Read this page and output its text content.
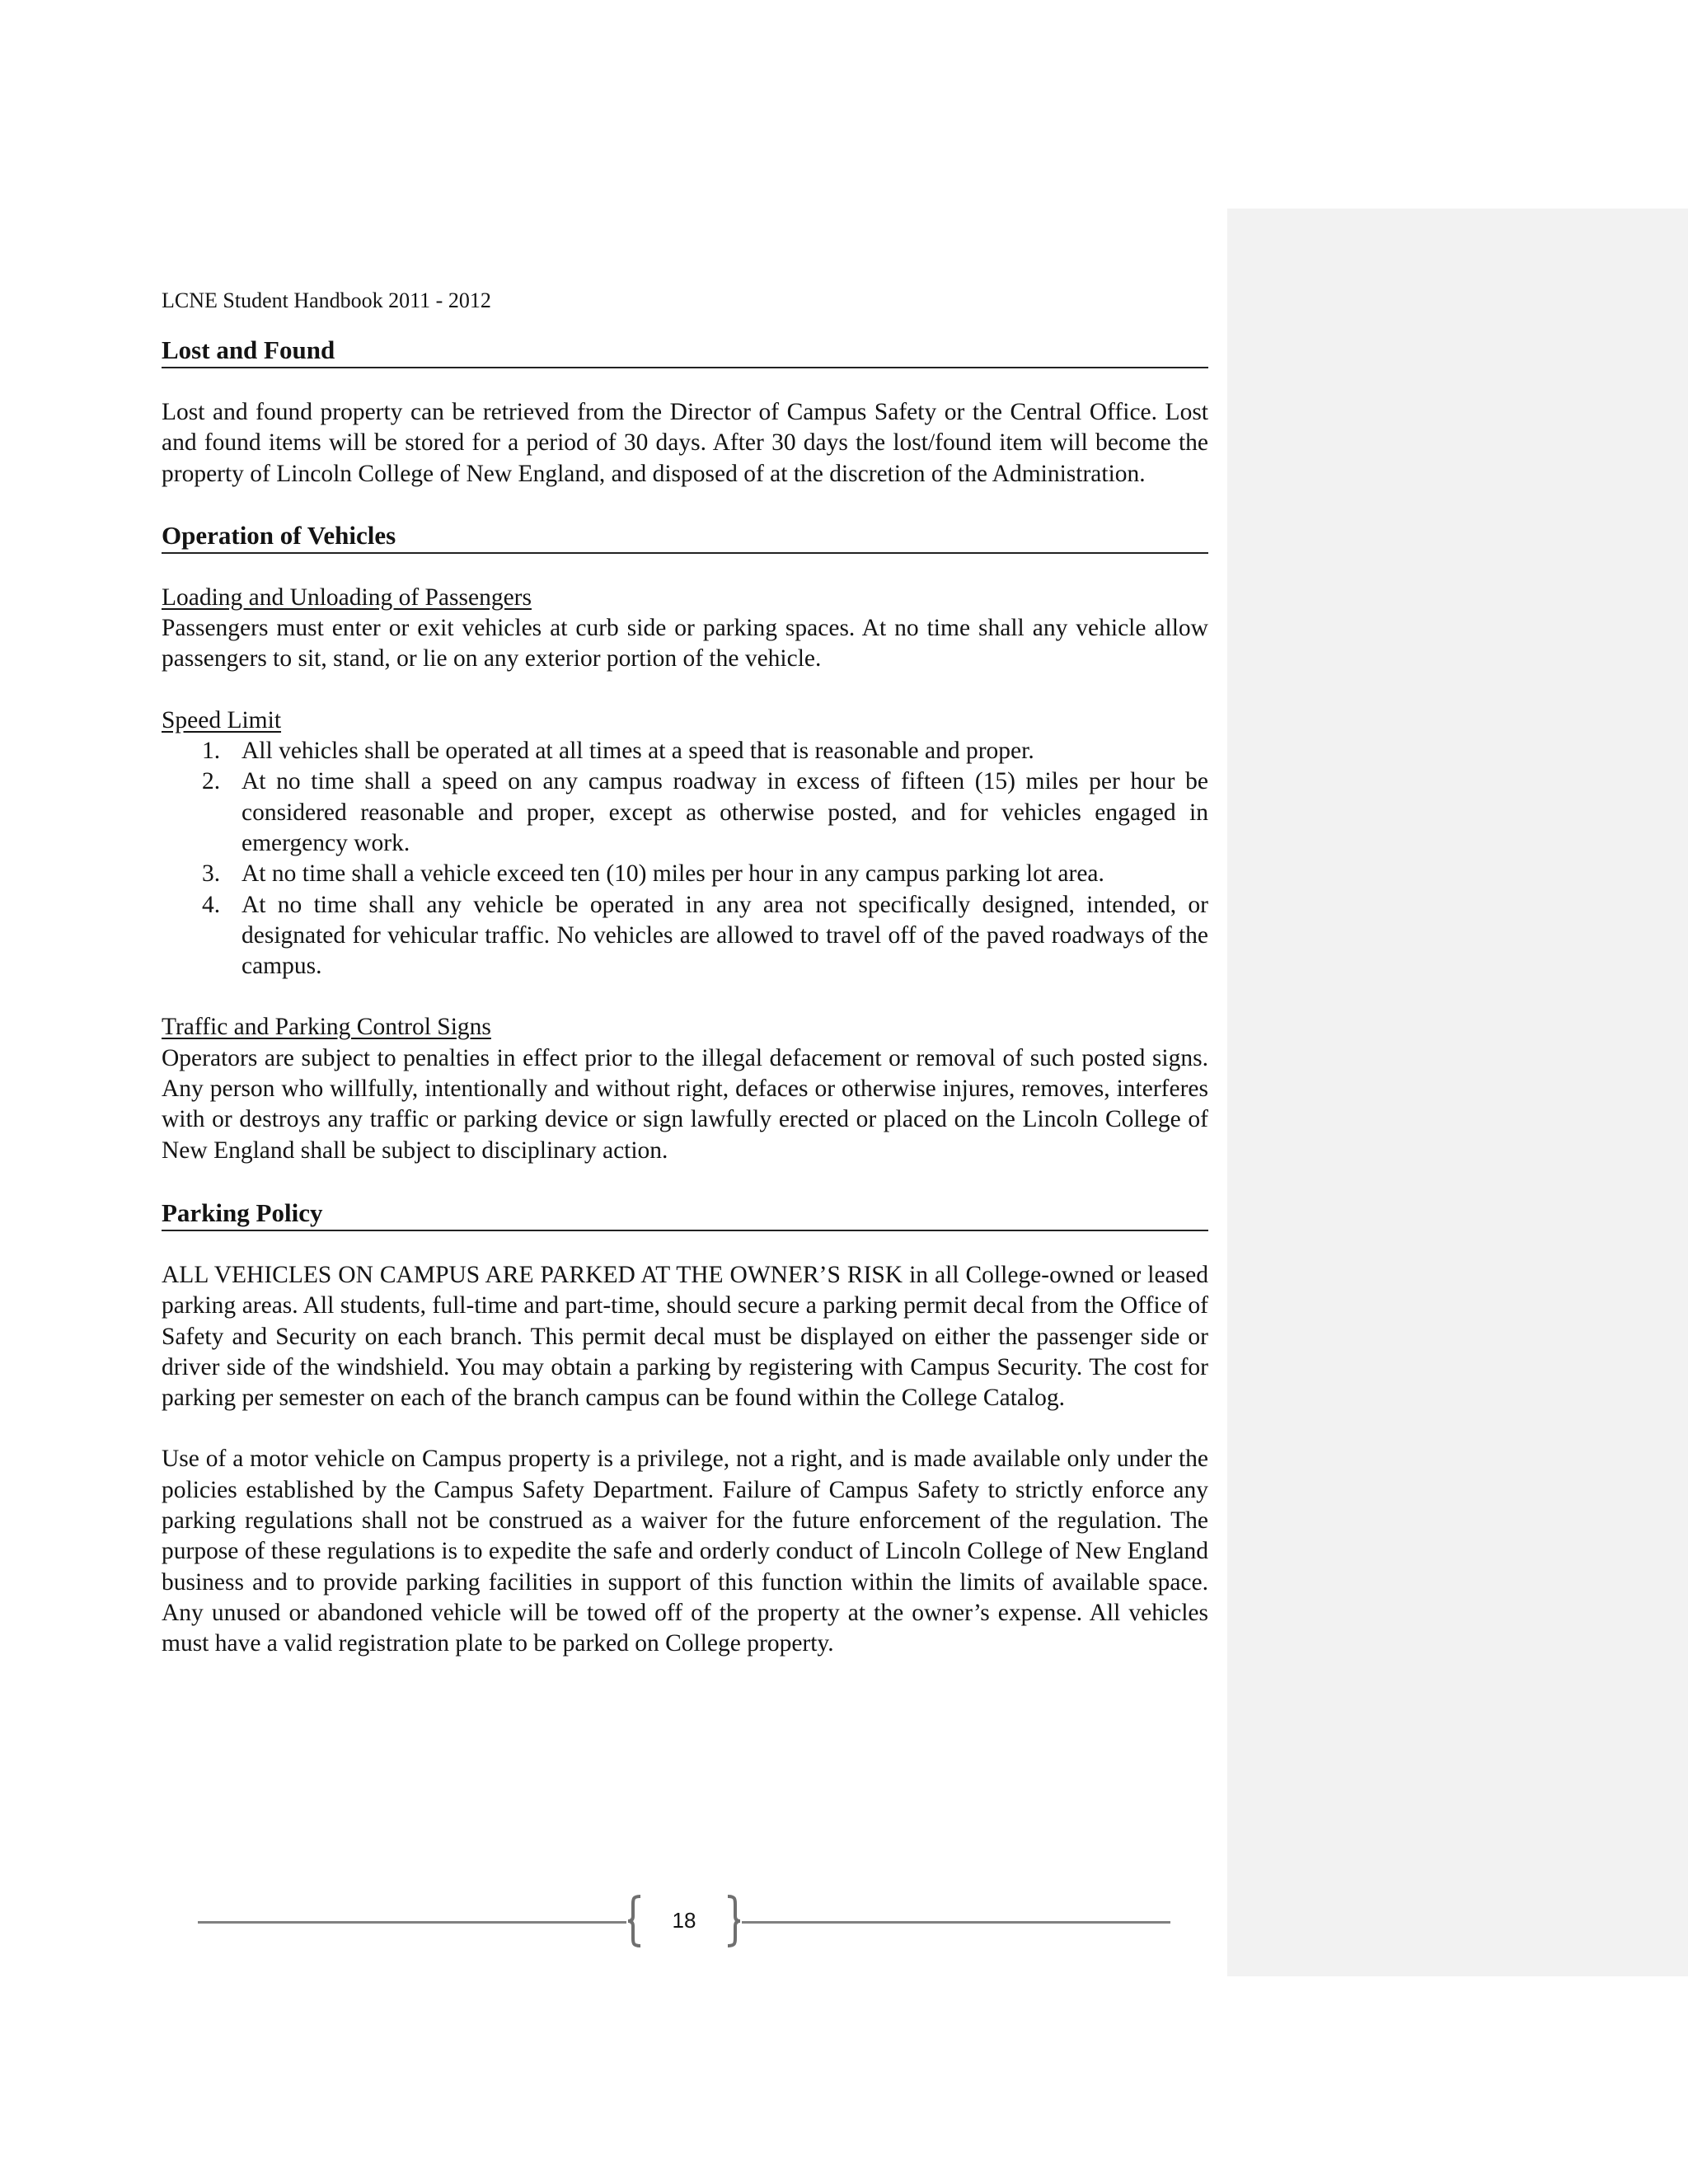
LCNE Student Handbook 2011 - 2012
Lost and Found

Lost and found property can be retrieved from the Director of Campus Safety or the Central Office. Lost and found items will be stored for a period of 30 days. After 30 days the lost/found item will become the property of Lincoln College of New England, and disposed of at the discretion of the Administration.

Operation of Vehicles
Loading and Unloading of Passengers

Passengers must enter or exit vehicles at curb side or parking spaces. At no time shall any vehicle allow passengers to sit, stand, or lie on any exterior portion of the vehicle.

Speed Limit
1. All vehicles shall be operated at all times at a speed that is reasonable and proper.
2. At no time shall a speed on any campus roadway in excess of fifteen (15) miles per hour be considered reasonable and proper, except as otherwise posted, and for vehicles engaged in emergency work.
3. At no time shall a vehicle exceed ten (10) miles per hour in any campus parking lot area.
4. At no time shall any vehicle be operated in any area not specifically designed, intended, or designated for vehicular traffic. No vehicles are allowed to travel off of the paved roadways of the campus.
Traffic and Parking Control Signs

Operators are subject to penalties in effect prior to the illegal defacement or removal of such posted signs. Any person who willfully, intentionally and without right, defaces or otherwise injures, removes, interferes with or destroys any traffic or parking device or sign lawfully erected or placed on the Lincoln College of New England shall be subject to disciplinary action.

Parking Policy

ALL VEHICLES ON CAMPUS ARE PARKED AT THE OWNER’S RISK in all College-owned or leased parking areas. All students, full-time and part-time, should secure a parking permit decal from the Office of Safety and Security on each branch. This permit decal must be displayed on either the passenger side or driver side of the windshield. You may obtain a parking by registering with Campus Security. The cost for parking per semester on each of the branch campus can be found within the College Catalog.

Use of a motor vehicle on Campus property is a privilege, not a right, and is made available only under the policies established by the Campus Safety Department. Failure of Campus Safety to strictly enforce any parking regulations shall not be construed as a waiver for the future enforcement of the regulation. The purpose of these regulations is to expedite the safe and orderly conduct of Lincoln College of New England business and to provide parking facilities in support of this function within the limits of available space. Any unused or abandoned vehicle will be towed off of the property at the owner’s expense. All vehicles must have a valid registration plate to be parked on College property.

18
